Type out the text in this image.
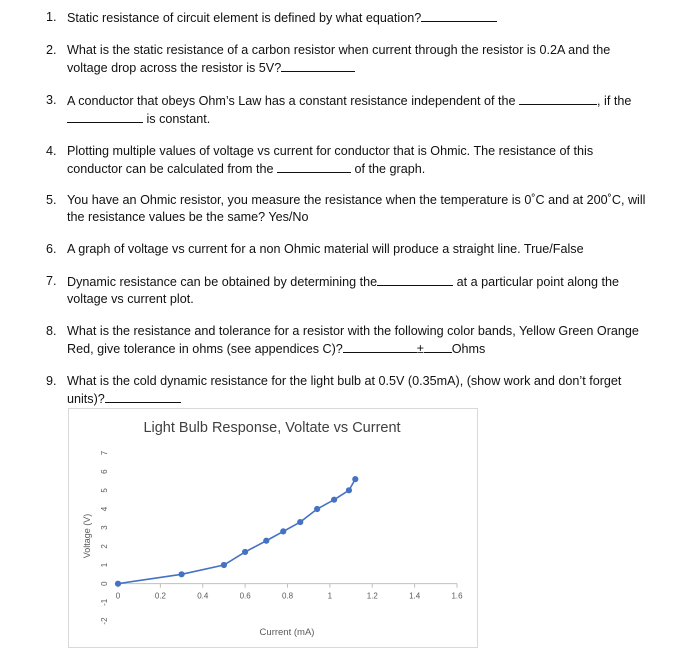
1. Static resistance of circuit element is defined by what equation?
2. What is the static resistance of a carbon resistor when current through the resistor is 0.2A and the
voltage drop across the resistor is 5V?
3. A conductor that obeys Ohm’s Law has a constant resistance independent of the	, if the
is constant.
4. Plotting multiple values of voltage vs current for conductor that is Ohmic. The resistance of this
conductor can be calculated from the	of the graph.
5. You have an Ohmic resistor, you measure the resistance when the temperature is 0˚C and at 200˚C, will
the resistance values be the same? Yes/No
6. A graph of voltage vs current for a non Ohmic material will produce a straight line. True/False
7. Dynamic resistance can be obtained by determining the	at a particular point along the
voltage vs current plot.
8. What is the resistance and tolerance for a resistor with the following color bands, Yellow Green Orange
Red, give tolerance in ohms (see appendices C)?	± Ohms
9. What is the cold dynamic resistance for the light bulb at 0.5V (0.35mA), (show work and don’t forget
units)?
Light Bulb Response, Voltate vs Current
-2
-1
0
1
2
3
4
5
6
7
0	0.2	0.4	0.6	0.8	1	1.2	1.4	1.6
Voltage (V)
Current (mA)
